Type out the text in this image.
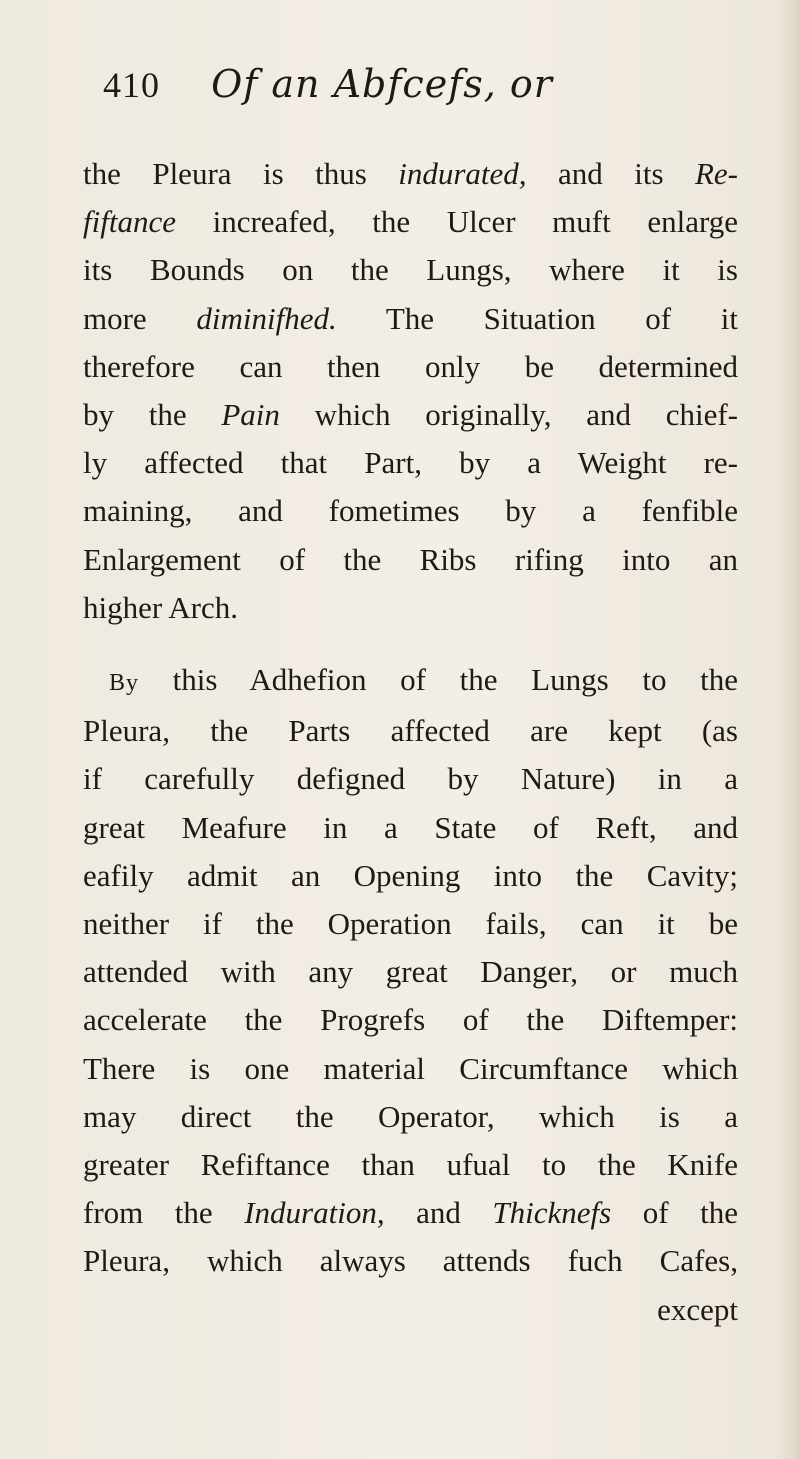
410 Of an Abfcefs, or
the Pleura is thus indurated, and its Re-
fiftance increafed, the Ulcer muft enlarge
its Bounds on the Lungs, where it is
more diminifhed. The Situation of it
therefore can then only be determined
by the Pain which originally, and chief-
ly affected that Part, by a Weight re-
maining, and fometimes by a fenfible
Enlargement of the Ribs rifing into an
higher Arch.
By this Adhefion of the Lungs to the
Pleura, the Parts affected are kept (as
if carefully defigned by Nature) in a
great Meafure in a State of Reft, and
eafily admit an Opening into the Cavity;
neither if the Operation fails, can it be
attended with any great Danger, or much
accelerate the Progrefs of the Diftemper:
There is one material Circumftance which
may direct the Operator, which is a
greater Refiftance than ufual to the Knife
from the Induration, and Thicknefs of the
Pleura, which always attends fuch Cafes,
except
